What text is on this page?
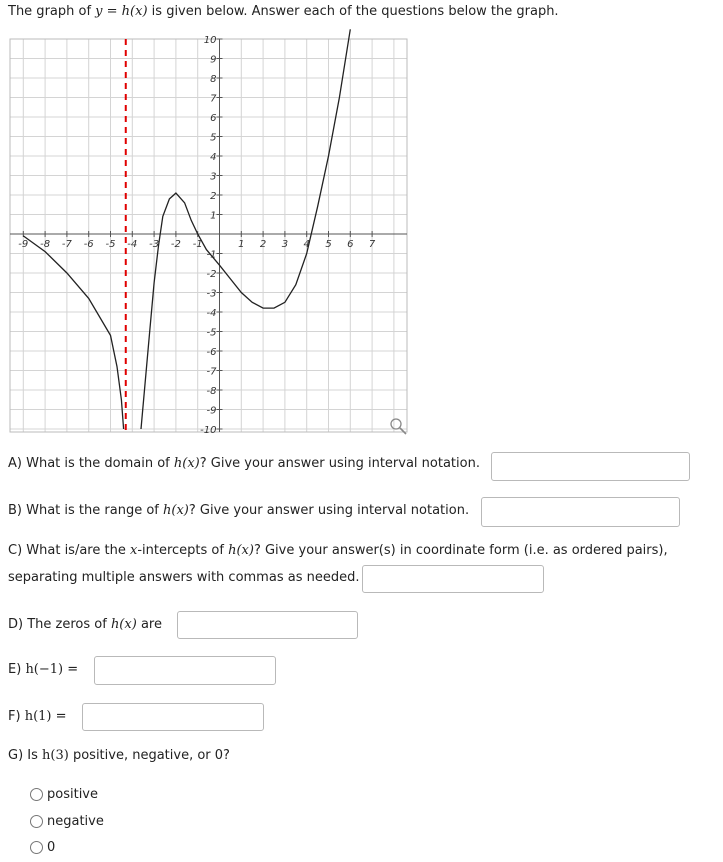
The graph of y = h(x) is given below. Answer each of the questions below the graph.
-9 -8 -7 -6 -5 -4 -3 -2 -1	1 2 3 4 5 6 7
10
9
8
7
6
5
4
3
2
1
-1
-2
-3
-4
-5
-6
-7
-8
-9
-10
A) What is the domain of h(x)? Give your answer using interval notation.
B) What is the range of h(x)? Give your answer using interval notation.
C) What is/are the x-intercepts of h(x)? Give your answer(s) in coordinate form (i.e. as ordered pairs),
separating multiple answers with commas as needed.
D) The zeros of h(x) are
E) h(−1) =
F) h(1) =
G) Is h(3) positive, negative, or 0?
positive
negative
0
